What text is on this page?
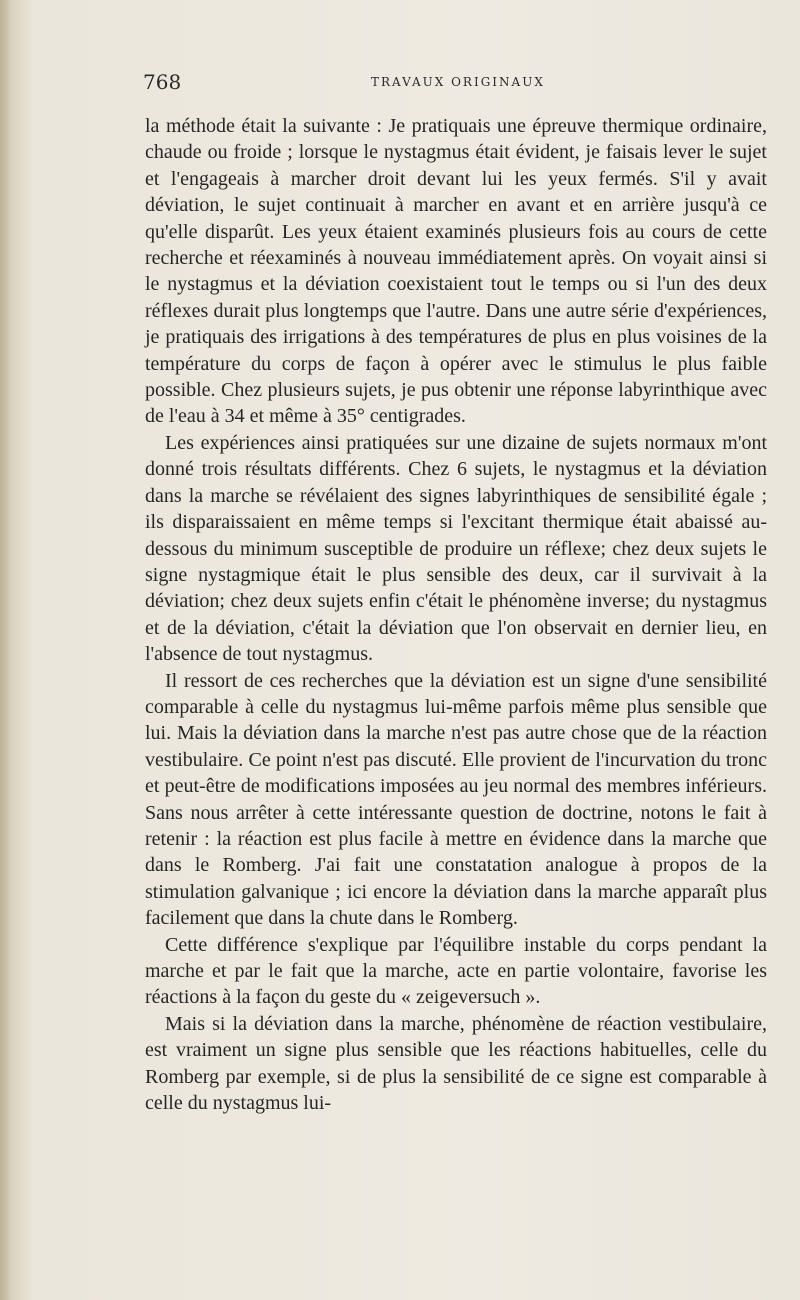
768	TRAVAUX ORIGINAUX

la méthode était la suivante : Je pratiquais une épreuve thermique ordinaire, chaude ou froide ; lorsque le nystagmus était évident, je faisais lever le sujet et l'engageais à marcher droit devant lui les yeux fermés. S'il y avait déviation, le sujet continuait à marcher en avant et en arrière jusqu'à ce qu'elle disparût. Les yeux étaient examinés plusieurs fois au cours de cette recherche et réexaminés à nouveau immédiatement après. On voyait ainsi si le nystagmus et la déviation coexistaient tout le temps ou si l'un des deux réflexes durait plus longtemps que l'autre. Dans une autre série d'expériences, je pratiquais des irrigations à des températures de plus en plus voisines de la température du corps de façon à opérer avec le stimulus le plus faible possible. Chez plusieurs sujets, je pus obtenir une réponse labyrinthique avec de l'eau à 34 et même à 35° centigrades.

Les expériences ainsi pratiquées sur une dizaine de sujets normaux m'ont donné trois résultats différents. Chez 6 sujets, le nystagmus et la déviation dans la marche se révélaient des signes labyrinthiques de sensibilité égale ; ils disparaissaient en même temps si l'excitant thermique était abaissé au-dessous du minimum susceptible de produire un réflexe; chez deux sujets le signe nystagmique était le plus sensible des deux, car il survivait à la déviation; chez deux sujets enfin c'était le phénomène inverse; du nystagmus et de la déviation, c'était la déviation que l'on observait en dernier lieu, en l'absence de tout nystagmus.

Il ressort de ces recherches que la déviation est un signe d'une sensibilité comparable à celle du nystagmus lui-même parfois même plus sensible que lui. Mais la déviation dans la marche n'est pas autre chose que de la réaction vestibulaire. Ce point n'est pas discuté. Elle provient de l'incurvation du tronc et peut-être de modifications imposées au jeu normal des membres inférieurs. Sans nous arrêter à cette intéressante question de doctrine, notons le fait à retenir : la réaction est plus facile à mettre en évidence dans la marche que dans le Romberg. J'ai fait une constatation analogue à propos de la stimulation galvanique ; ici encore la déviation dans la marche apparaît plus facilement que dans la chute dans le Romberg.

Cette différence s'explique par l'équilibre instable du corps pendant la marche et par le fait que la marche, acte en partie volontaire, favorise les réactions à la façon du geste du « zeigeversuch ».

Mais si la déviation dans la marche, phénomène de réaction vestibulaire, est vraiment un signe plus sensible que les réactions habituelles, celle du Romberg par exemple, si de plus la sensibilité de ce signe est comparable à celle du nystagmus lui-
